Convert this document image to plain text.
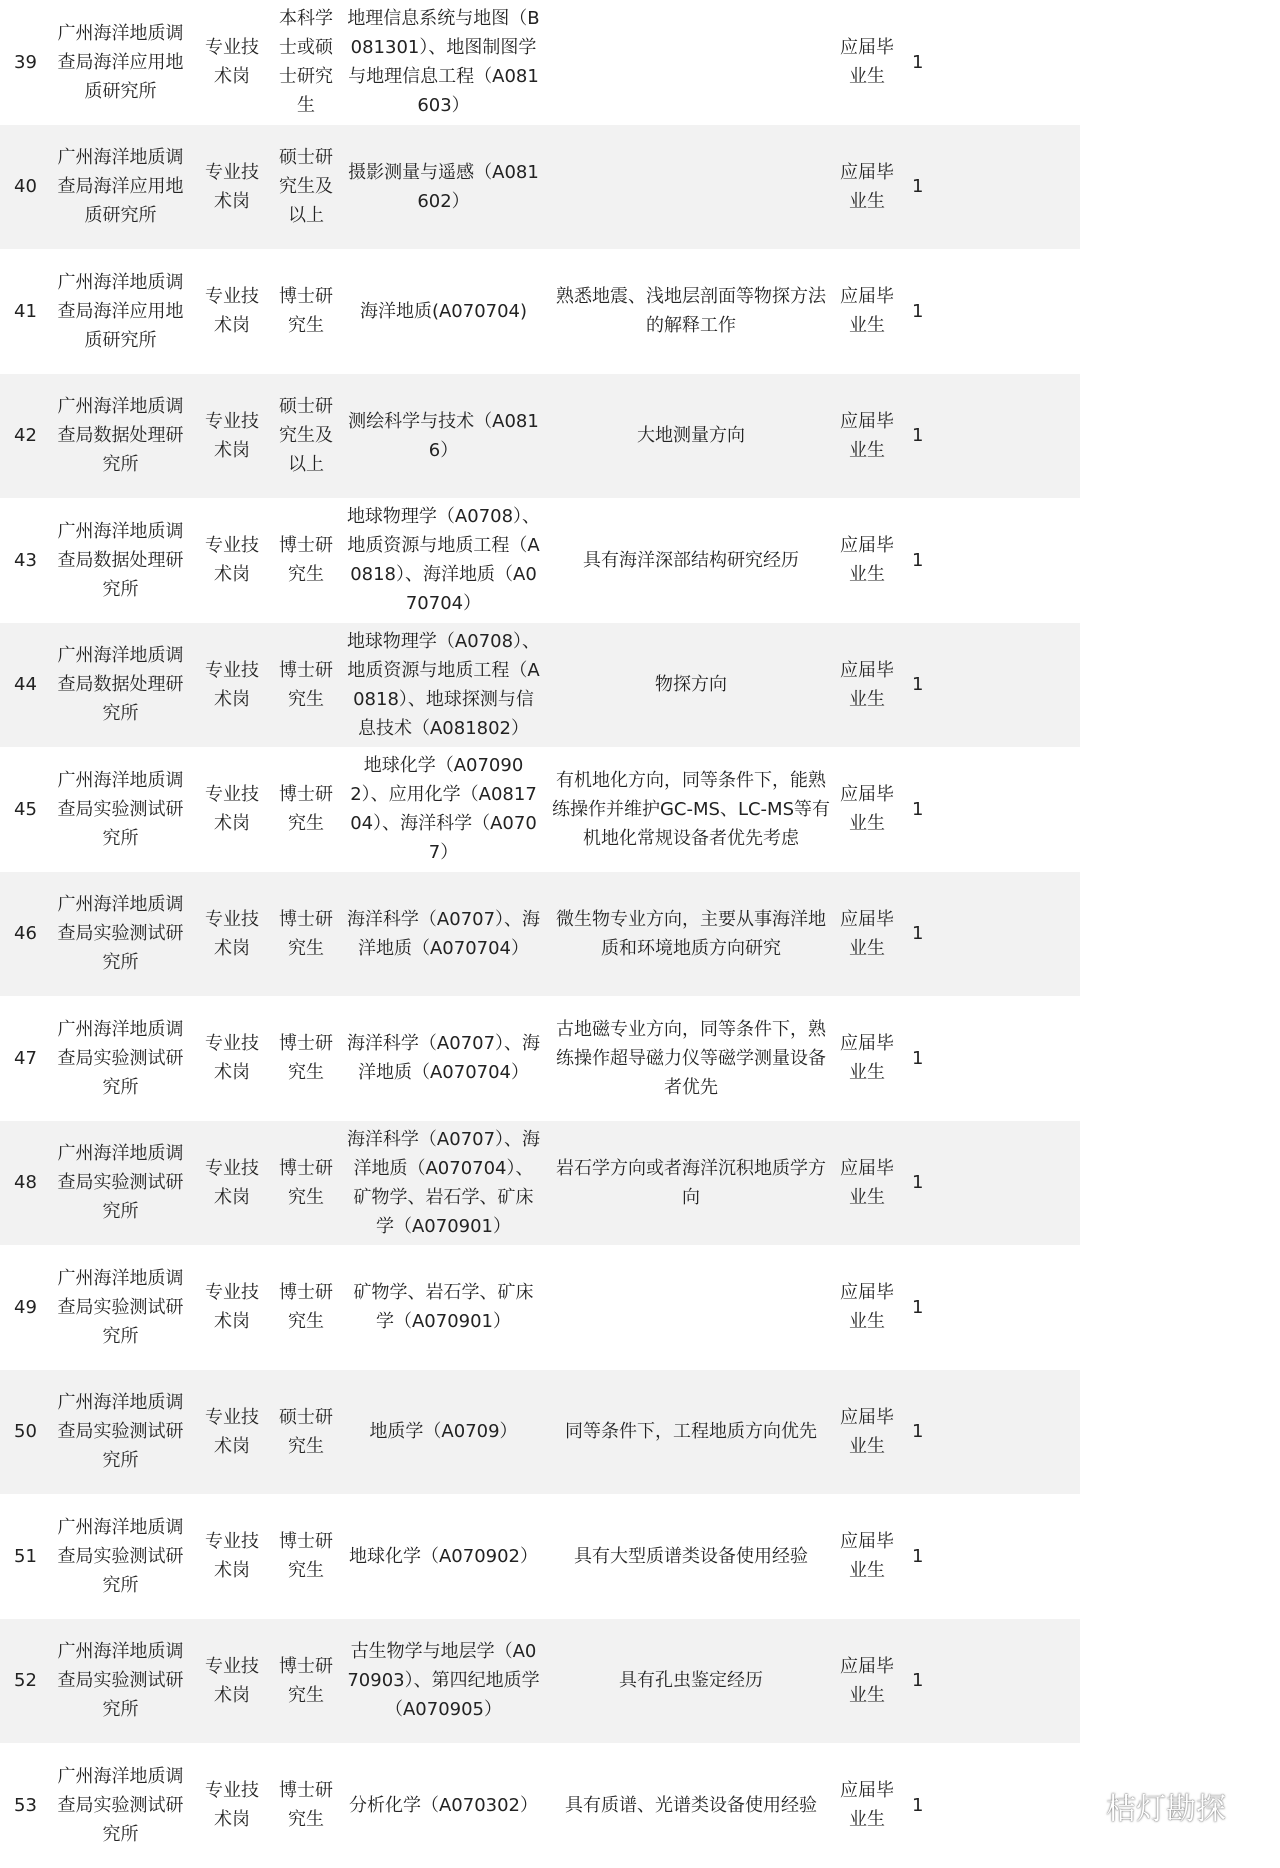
39	广州海洋地质调查局海洋应用地质研究所	专业技术岗	本科学士或硕士研究生	地理信息系统与地图（B081301）、地图制图学与地理信息工程（A081603）		应届毕业生	1
40	广州海洋地质调查局海洋应用地质研究所	专业技术岗	硕士研究生及以上	摄影测量与遥感（A081602）		应届毕业生	1
41	广州海洋地质调查局海洋应用地质研究所	专业技术岗	博士研究生	海洋地质(A070704)	熟悉地震、浅地层剖面等物探方法的解释工作	应届毕业生	1
42	广州海洋地质调查局数据处理研究所	专业技术岗	硕士研究生及以上	测绘科学与技术（A0816）	大地测量方向	应届毕业生	1
43	广州海洋地质调查局数据处理研究所	专业技术岗	博士研究生	地球物理学（A0708）、地质资源与地质工程（A0818）、海洋地质（A070704）	具有海洋深部结构研究经历	应届毕业生	1
44	广州海洋地质调查局数据处理研究所	专业技术岗	博士研究生	地球物理学（A0708）、地质资源与地质工程（A0818）、地球探测与信息技术（A081802）	物探方向	应届毕业生	1
45	广州海洋地质调查局实验测试研究所	专业技术岗	博士研究生	地球化学（A070902）、应用化学（A081704）、海洋科学（A0707）	有机地化方向，同等条件下，能熟练操作并维护GC-MS、LC-MS等有机地化常规设备者优先考虑	应届毕业生	1
46	广州海洋地质调查局实验测试研究所	专业技术岗	博士研究生	海洋科学（A0707）、海洋地质（A070704）	微生物专业方向，主要从事海洋地质和环境地质方向研究	应届毕业生	1
47	广州海洋地质调查局实验测试研究所	专业技术岗	博士研究生	海洋科学（A0707）、海洋地质（A070704）	古地磁专业方向，同等条件下，熟练操作超导磁力仪等磁学测量设备者优先	应届毕业生	1
48	广州海洋地质调查局实验测试研究所	专业技术岗	博士研究生	海洋科学（A0707）、海洋地质（A070704）、矿物学、岩石学、矿床学（A070901）	岩石学方向或者海洋沉积地质学方向	应届毕业生	1
49	广州海洋地质调查局实验测试研究所	专业技术岗	博士研究生	矿物学、岩石学、矿床学（A070901）		应届毕业生	1
50	广州海洋地质调查局实验测试研究所	专业技术岗	硕士研究生	地质学（A0709）	同等条件下，工程地质方向优先	应届毕业生	1
51	广州海洋地质调查局实验测试研究所	专业技术岗	博士研究生	地球化学（A070902）	具有大型质谱类设备使用经验	应届毕业生	1
52	广州海洋地质调查局实验测试研究所	专业技术岗	博士研究生	古生物学与地层学（A070903）、第四纪地质学（A070905）	具有孔虫鉴定经历	应届毕业生	1
53	广州海洋地质调查局实验测试研究所	专业技术岗	博士研究生	分析化学（A070302）	具有质谱、光谱类设备使用经验	应届毕业生	1	桔灯勘探
